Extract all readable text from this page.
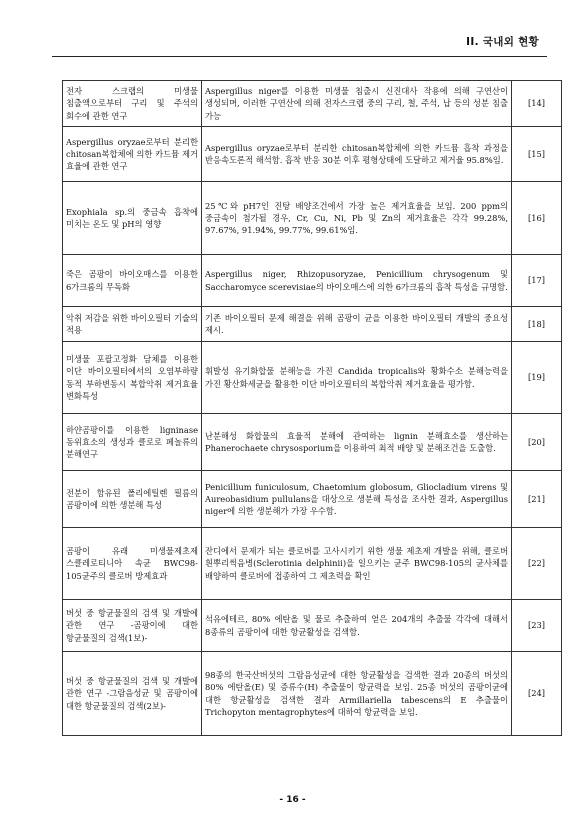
II. 국내외 현황
전자 스크랩의 미생물 침출액으로부터 구리 및 주석의 회수에 관한 연구	Aspergillus niger를 이용한 미생물 침출시 신진대사 작용에 의해 구연산이 생성되며, 이러한 구연산에 의해 전자스크랩 중의 구리, 철, 주석, 납 등의 성분 침출 가능	[14]
Aspergillus oryzae로부터 분리한 chitosan복합체에 의한 카드뮴 제거 효율에 관한 연구	Aspergillus oryzae로부터 분리한 chitosan복합체에 의한 카드뮴 흡착 과정을 반응속도론적 해석함. 흡착 반응 30분 이후 평형상태에 도달하고 제거율 95.8%임.	[15]
Exophiala sp.의 중금속 흡착에 미치는 온도 및 pH의 영향	25℃와 pH7인 진탕 배양조건에서 가장 높은 제거효율을 보임. 200 ppm의 중금속이 첨가될 경우, Cr, Cu, Ni, Pb 및 Zn의 제거효율은 각각 99.28%, 97.67%, 91.94%, 99.77%, 99.61%임.	[16]
죽은 곰팡이 바이오매스를 이용한 6가크롬의 무독화	Aspergillus niger, Rhizopusoryzae, Penicillium chrysogenum 및 Saccharomyce scerevisiae의 바이오매스에 의한 6가크롬의 흡착 특성을 규명함.	[17]
악취 저감을 위한 바이오필터 기술의 적용	기존 바이오필터 문제 해결을 위해 곰팡이 균을 이용한 바이오필터 개발의 중요성 제시.	[18]
미생물 포괄고정화 담체를 이용한 이단 바이오필터에서의 오염부하량 동적 부하변동시 복합악취 제거효율 변화특성	휘발성 유기화합물 분해능을 가진 Candida tropicalis와 황화수소 분해능력을 가진 황산화세균을 활용한 이단 바이오필터의 복합악취 제거효율을 평가함.	[19]
하얀곰팡이를 이용한 ligninase 동위효소의 생성과 클로로 페놀류의 분해연구	난분해성 화합물의 효율적 분해에 관여하는 lignin 분해효소를 생산하는 Phanerochaete chrysosporium을 이용하여 최적 배양 및 분해조건을 도출함.	[20]
전분이 함유된 폴리에틸렌 필름의 곰팡이에 의한 생분해 특성	Penicillium funiculosum, Chaetomium globosum, Gliocladium virens 및 Aureobasidium pullulans을 대상으로 생분해 특성을 조사한 결과, Aspergillus niger에 의한 생분해가 가장 우수함.	[21]
곰팡이 유래 미생물제초제 스클레로티니아 속균 BWC98-105균주의 클로버 방제효과	잔디에서 문제가 되는 클로버를 고사시키기 위한 생물 제초제 개발을 위해, 클로버 흰뿌리썩음병(Sclerotinia delphinii)을 일으키는 균주 BWC98-105의 균사체를 배양하여 클로버에 접종하여 그 제초력을 확인	[22]
버섯 중 항균물질의 검색 및 개발에 관한 연구 -곰팡이에 대한 항균물질의 검색(1보)-	석유에테르, 80% 에탄올 및 물로 추출하여 얻은 204개의 추출물 각각에 대해서 8종류의 곰팡이에 대한 항균활성을 검색함.	[23]
버섯 중 항균물질의 검색 및 개발에 관한 연구 -그람음성균 및 곰팡이에 대한 항균물질의 검색(2보)-	98종의 한국산버섯의 그람음성균에 대한 항균활성을 검색한 결과 20종의 버섯의 80% 에탄올(E) 및 증류수(H) 추출물이 항균력을 보임. 25종 버섯의 곰팡이균에 대한 항균활성을 검색한 결과 Armillariella tabescens의 E 추출물이 Trichopyton mentagrophytes에 대하여 항균력을 보임.	[24]
- 16 -
